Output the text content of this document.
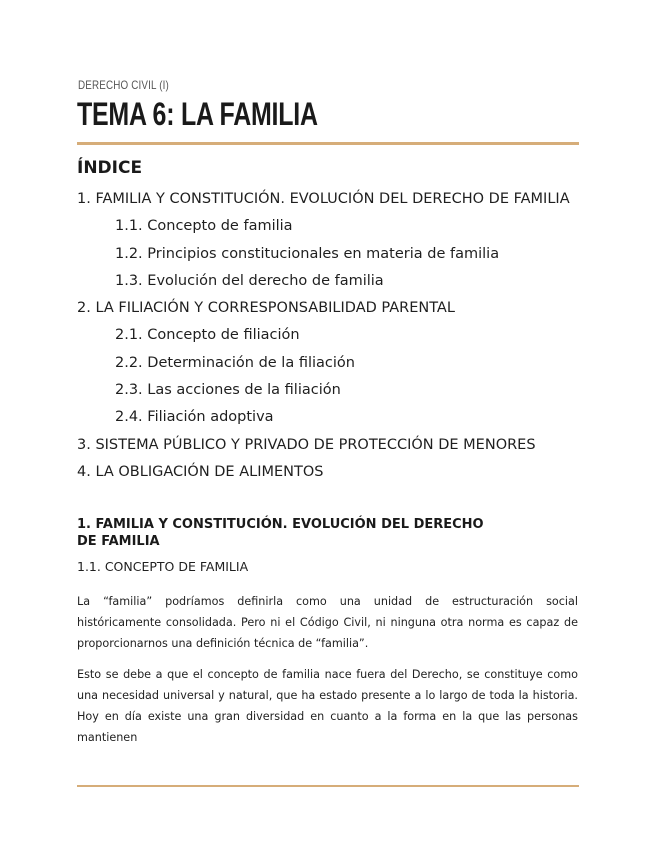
DERECHO CIVIL (I)
TEMA 6: LA FAMILIA
ÍNDICE
1. FAMILIA Y CONSTITUCIÓN. EVOLUCIÓN DEL DERECHO DE FAMILIA
1.1. Concepto de familia
1.2. Principios constitucionales en materia de familia
1.3. Evolución del derecho de familia
2. LA FILIACIÓN Y CORRESPONSABILIDAD PARENTAL
2.1. Concepto de filiación
2.2. Determinación de la filiación
2.3. Las acciones de la filiación
2.4. Filiación adoptiva
3. SISTEMA PÚBLICO Y PRIVADO DE PROTECCIÓN DE MENORES
4. LA OBLIGACIÓN DE ALIMENTOS
1. FAMILIA Y CONSTITUCIÓN. EVOLUCIÓN DEL DERECHO DE FAMILIA
1.1. CONCEPTO DE FAMILIA
La “familia” podríamos definirla como una unidad de estructuración social históricamente consolidada. Pero ni el Código Civil, ni ninguna otra norma es capaz de proporcionarnos una definición técnica de “familia”.
Esto se debe a que el concepto de familia nace fuera del Derecho, se constituye como una necesidad universal y natural, que ha estado presente a lo largo de toda la historia. Hoy en día existe una gran diversidad en cuanto a la forma en la que las personas mantienen
